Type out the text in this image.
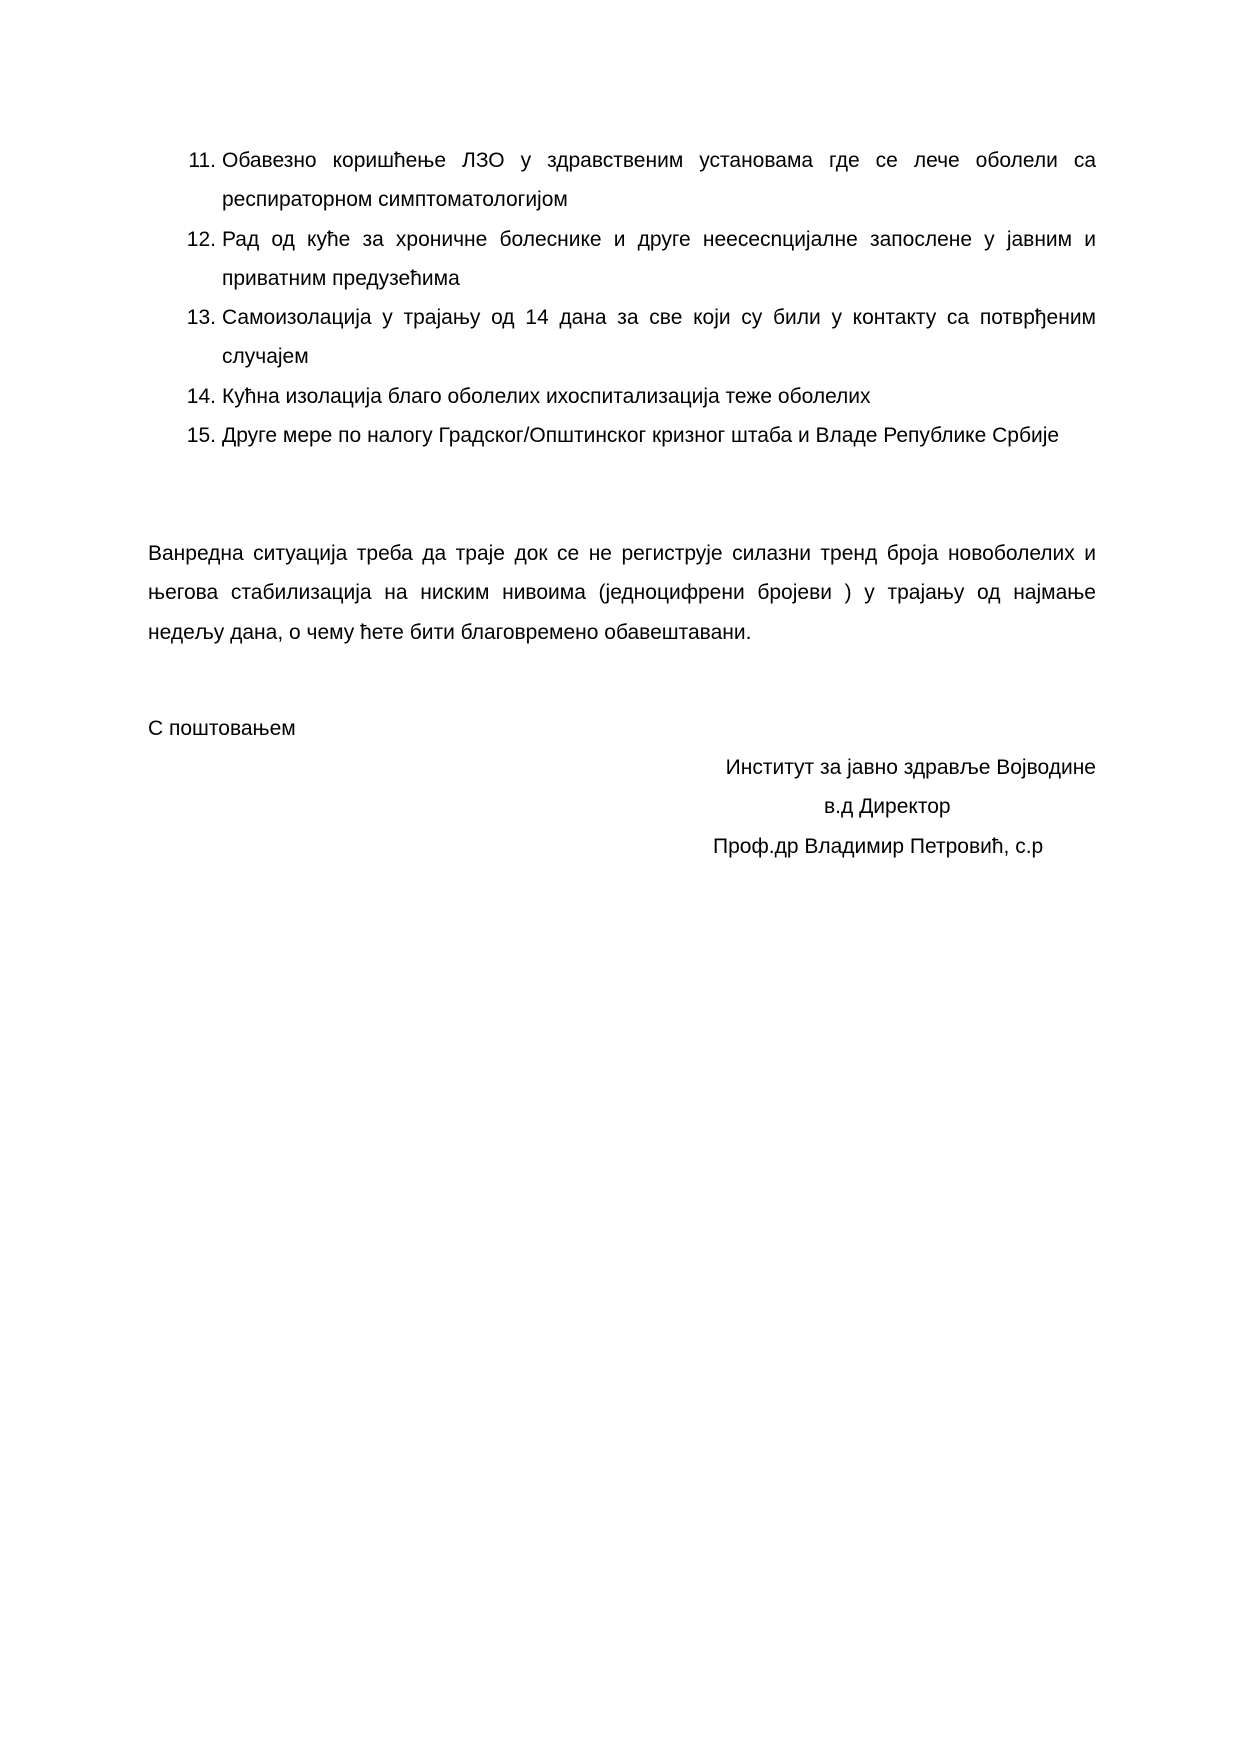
11. Обавезно коришћење ЛЗО у здравственим установама где се лече оболели са респираторном симптоматологијом
12. Рад од куће за хроничне болеснике и друге неесесnцијалне запослене у јавним и приватним предузећима
13. Самоизолација у трајању од 14 дана за све који су били у контакту са потврђеним случајем
14. Кућна изолација благо оболелих ихоспитализација теже оболелих
15. Друге мере по налогу Градског/Општинског кризног штаба и Владе Републике Србије

Ванредна ситуација треба да траје док се не региструје силазни тренд броја новоболелих и његова стабилизација на ниским нивоима (једноцифрени бројеви ) у трајању од најмање недељу дана, о чему ћете бити благовремено обавештавани.

С поштовањем

Институт за јавно здравље Војводине

в.д Директор

Проф.др Владимир Петровић, с.р
